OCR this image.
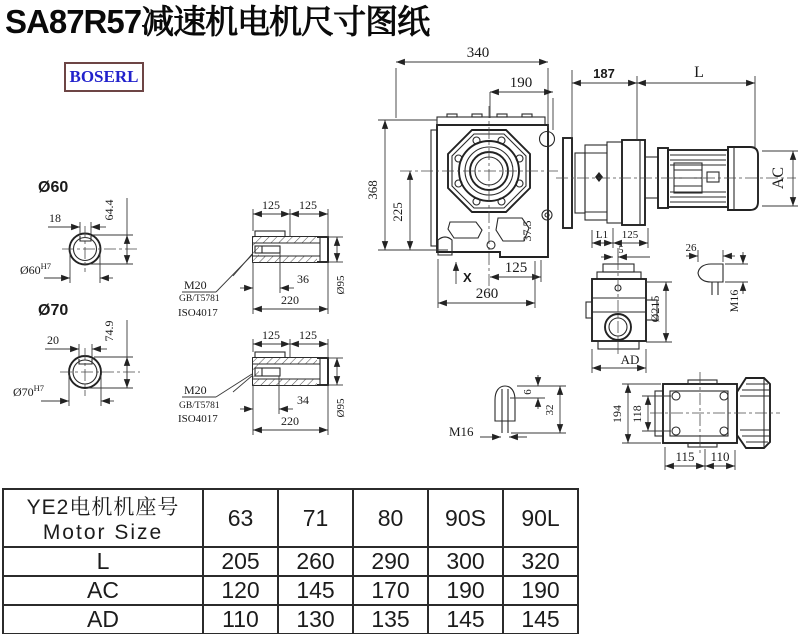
SA87R57减速机电机尺寸图纸
BOSERL
Ø60
18	64.4
$Ø60^{H7}$
Ø70
20	74.9
$Ø70^{H7}$
125 125
36
220
Ø95
M20
GB/T5781
ISO4017
125 125
34
220
Ø95
M20
GB/T5781
ISO4017
37.5
340
190
187	L
AC
368
225
X
125
260
L1 125
5
Ø215
AD
26
M16
M16
6
32	194 118
115 110
YE2电机机座号
Motor Size	63	71	80	90S	90L
L	205	260	290	300	320
AC	120	145	170	190	190
AD	110	130	135	145	145
